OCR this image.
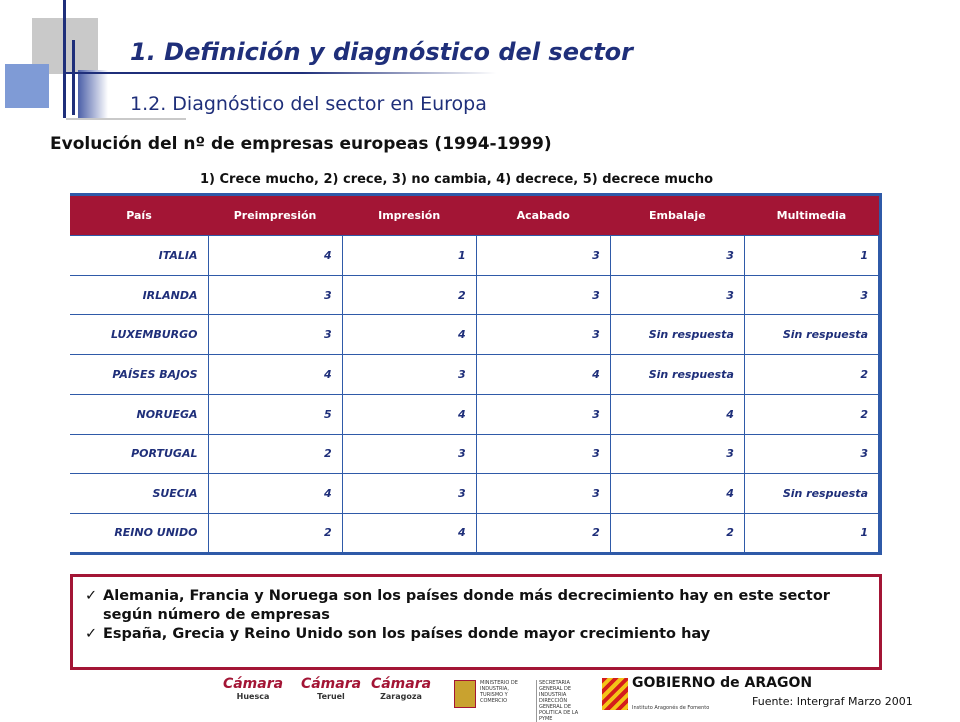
1. Definición y diagnóstico del sector
1.2. Diagnóstico del sector en Europa
Evolución del nº de empresas europeas (1994-1999)
1) Crece mucho, 2) crece, 3) no cambia, 4) decrece, 5) decrece mucho
País	Preimpresión	Impresión	Acabado	Embalaje	Multimedia
ITALIA	4	1	3	3	1
IRLANDA	3	2	3	3	3
LUXEMBURGO	3	4	3	Sin respuesta	Sin respuesta
PAÍSES BAJOS	4	3	4	Sin respuesta	2
NORUEGA	5	4	3	4	2
PORTUGAL	2	3	3	3	3
SUECIA	4	3	3	4	Sin respuesta
REINO UNIDO	2	4	2	2	1
✓ Alemania, Francia y Noruega son los países donde más decrecimiento hay en este sector según número de empresas
✓ España, Grecia y Reino Unido son los países donde mayor crecimiento hay
Cámara
Huesca
Cámara
Teruel
Cámara
Zaragoza
MINISTERIO DE INDUSTRIA, TURISMO Y COMERCIO
SECRETARIA GENERAL DE INDUSTRIA DIRECCIÓN GENERAL DE POLITICA DE LA PYME
GOBIERNO de ARAGON
Instituto Aragonés de Fomento	Fuente: Intergraf Marzo 2001
